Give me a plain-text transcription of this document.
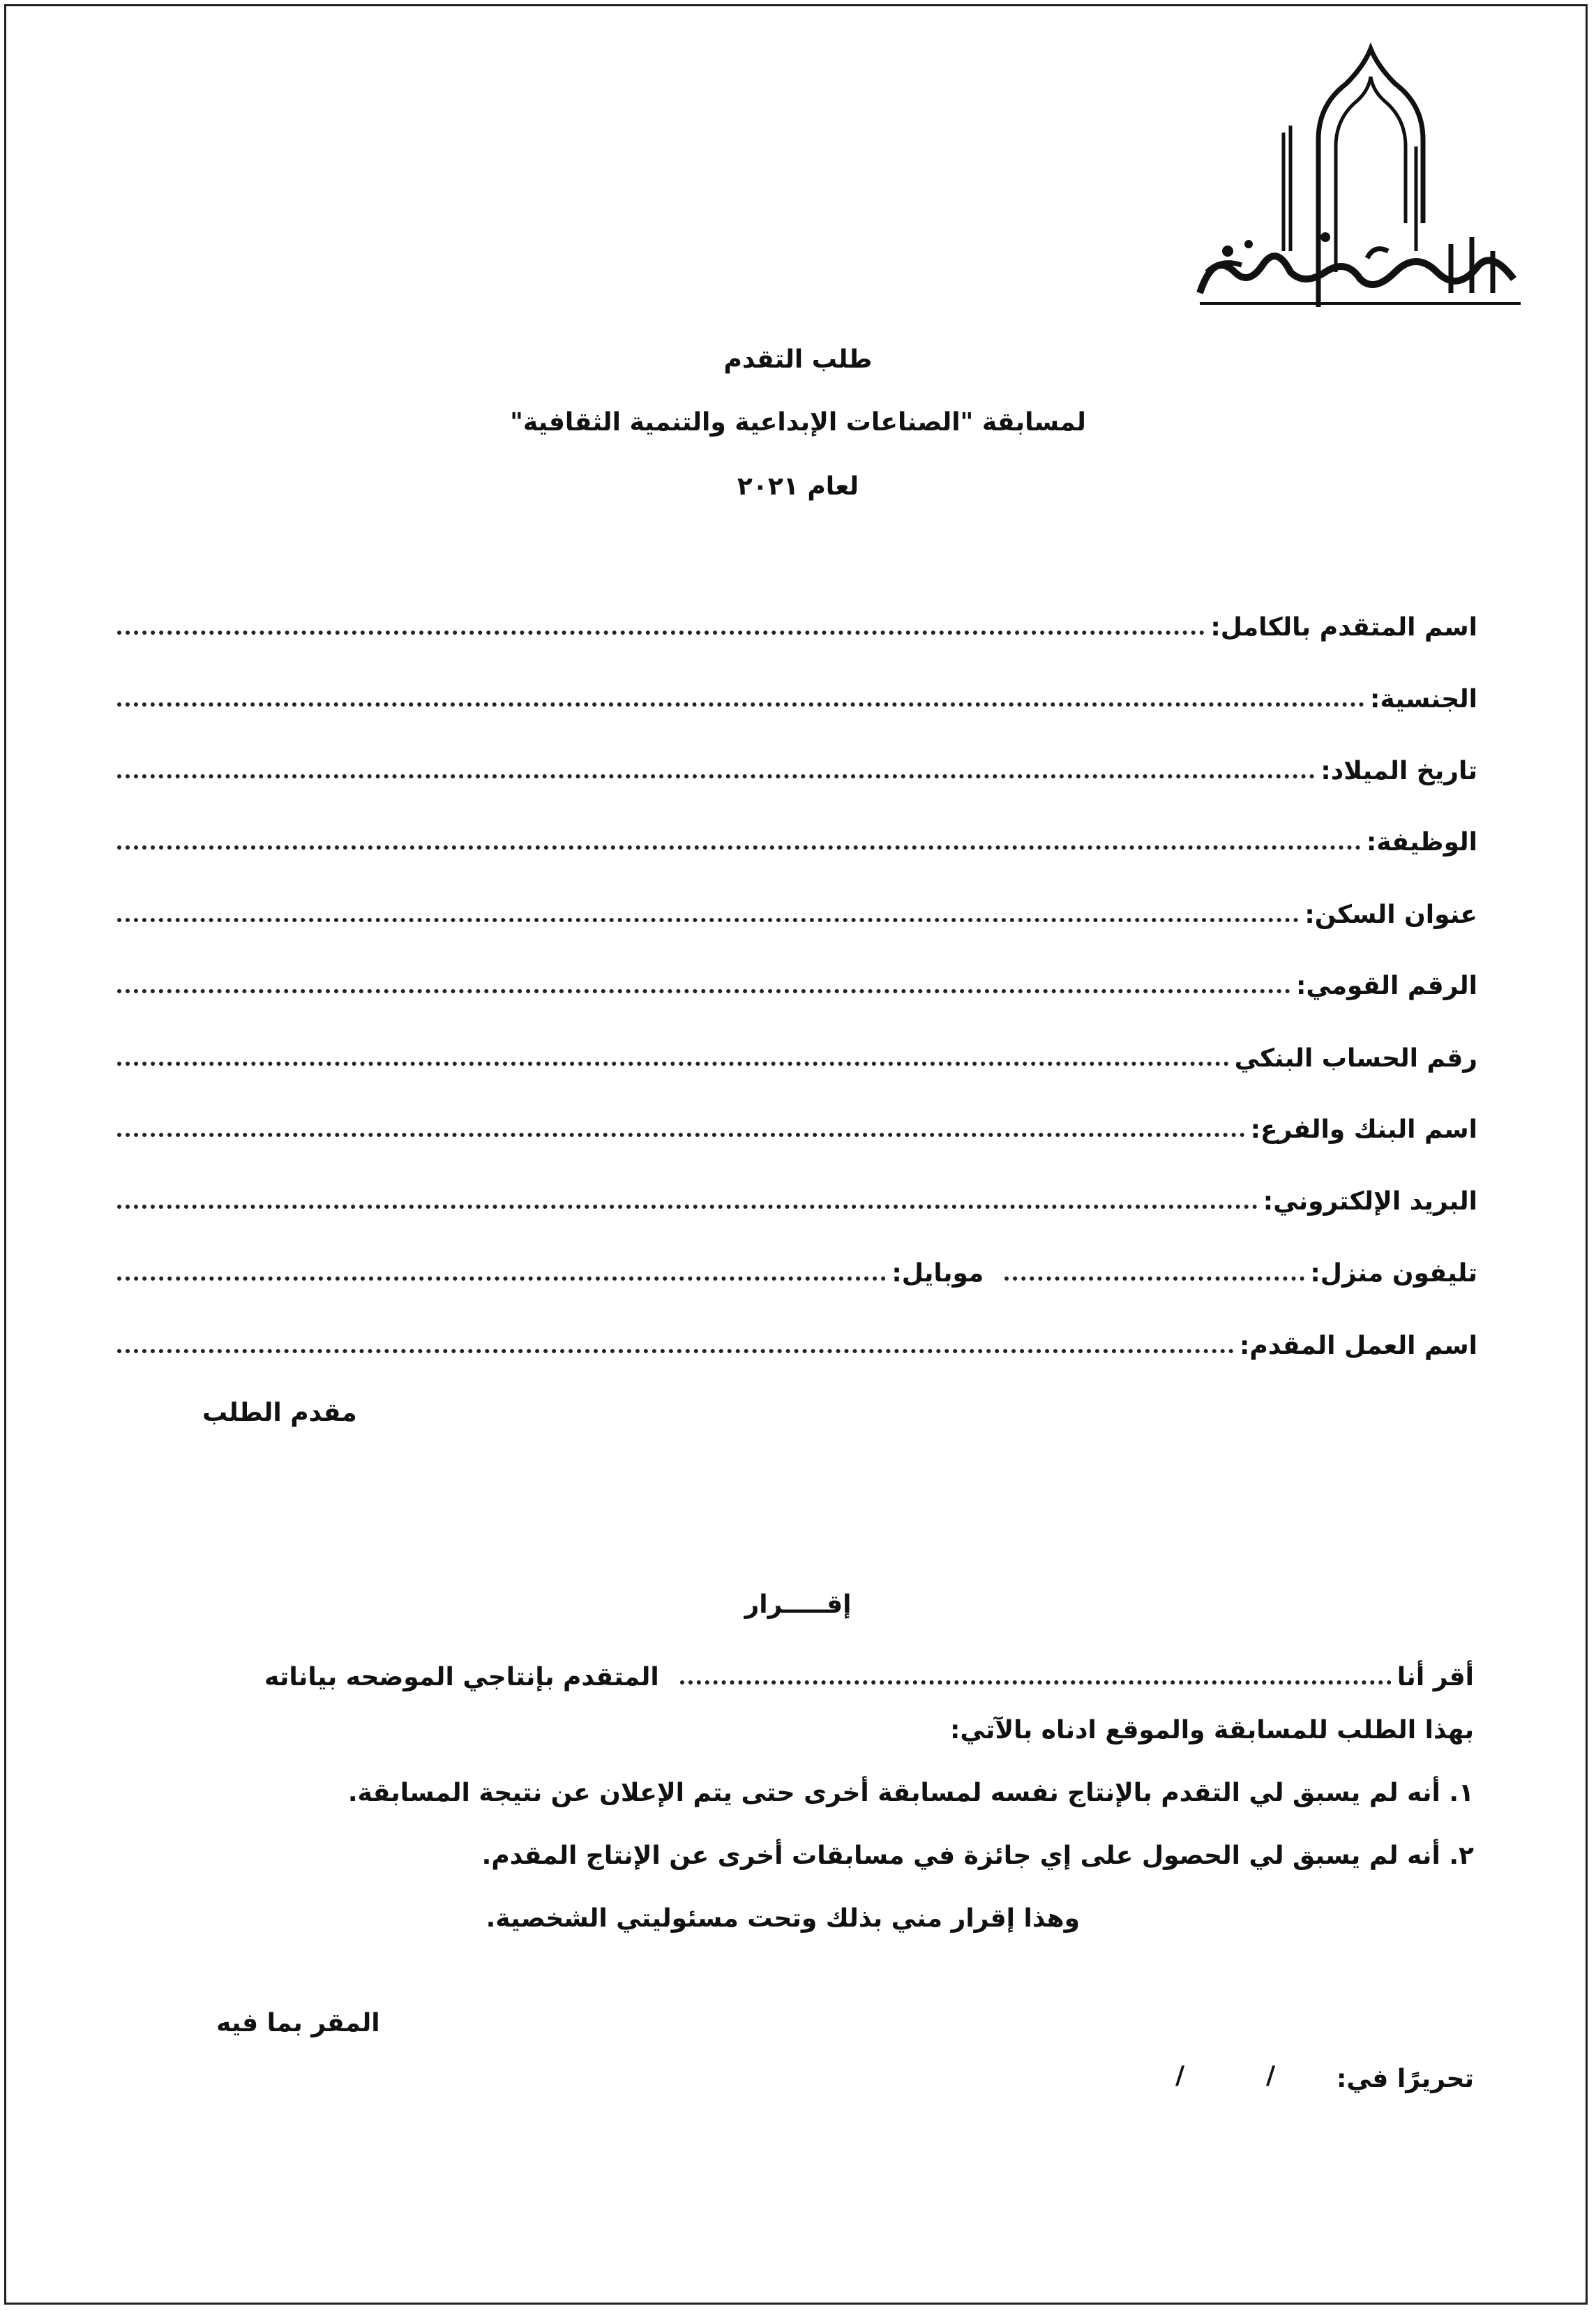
طلب التقدم
لمسابقة "الصناعات الإبداعية والتنمية الثقافية"
لعام ٢٠٢١
اسم المتقدم بالكامل:
الجنسية:
تاريخ الميلاد:
الوظيفة:
عنوان السكن:
الرقم القومي:
رقم الحساب البنكي
اسم البنك والفرع:
البريد الإلكتروني:
تليفون منزل:
موبايل:
اسم العمل المقدم:
مقدم الطلب
إقـــــرار
أقر أنا
المتقدم بإنتاجي الموضحه بياناته
بهذا الطلب للمسابقة والموقع ادناه بالآتي:
١. أنه لم يسبق لي التقدم بالإنتاج نفسه لمسابقة أخرى حتى يتم الإعلان عن نتيجة المسابقة.
٢. أنه لم يسبق لي الحصول على إي جائزة في مسابقات أخرى عن الإنتاج المقدم.
وهذا إقرار مني بذلك وتحت مسئوليتي الشخصية.
المقر بما فيه
تحريرًا في:
/
/
